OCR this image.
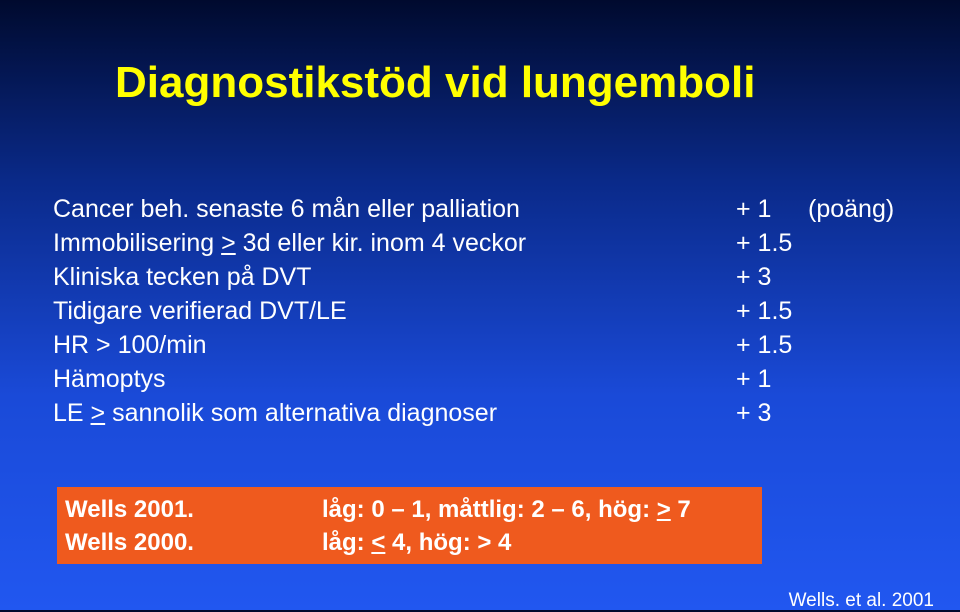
Diagnostikstöd vid lungemboli
Cancer beh. senaste 6 mån eller palliation	+ 1 (poäng)
Immobilisering > 3d eller kir. inom 4 veckor	+ 1.5
Kliniska tecken på DVT	+ 3
Tidigare verifierad DVT/LE	+ 1.5
HR > 100/min	+ 1.5
Hämoptys	+ 1
LE > sannolik som alternativa diagnoser	+ 3
Wells 2001.	låg: 0 – 1, måttlig: 2 – 6, hög: > 7
Wells 2000.	låg: < 4, hög: > 4
Wells. et al. 2001
